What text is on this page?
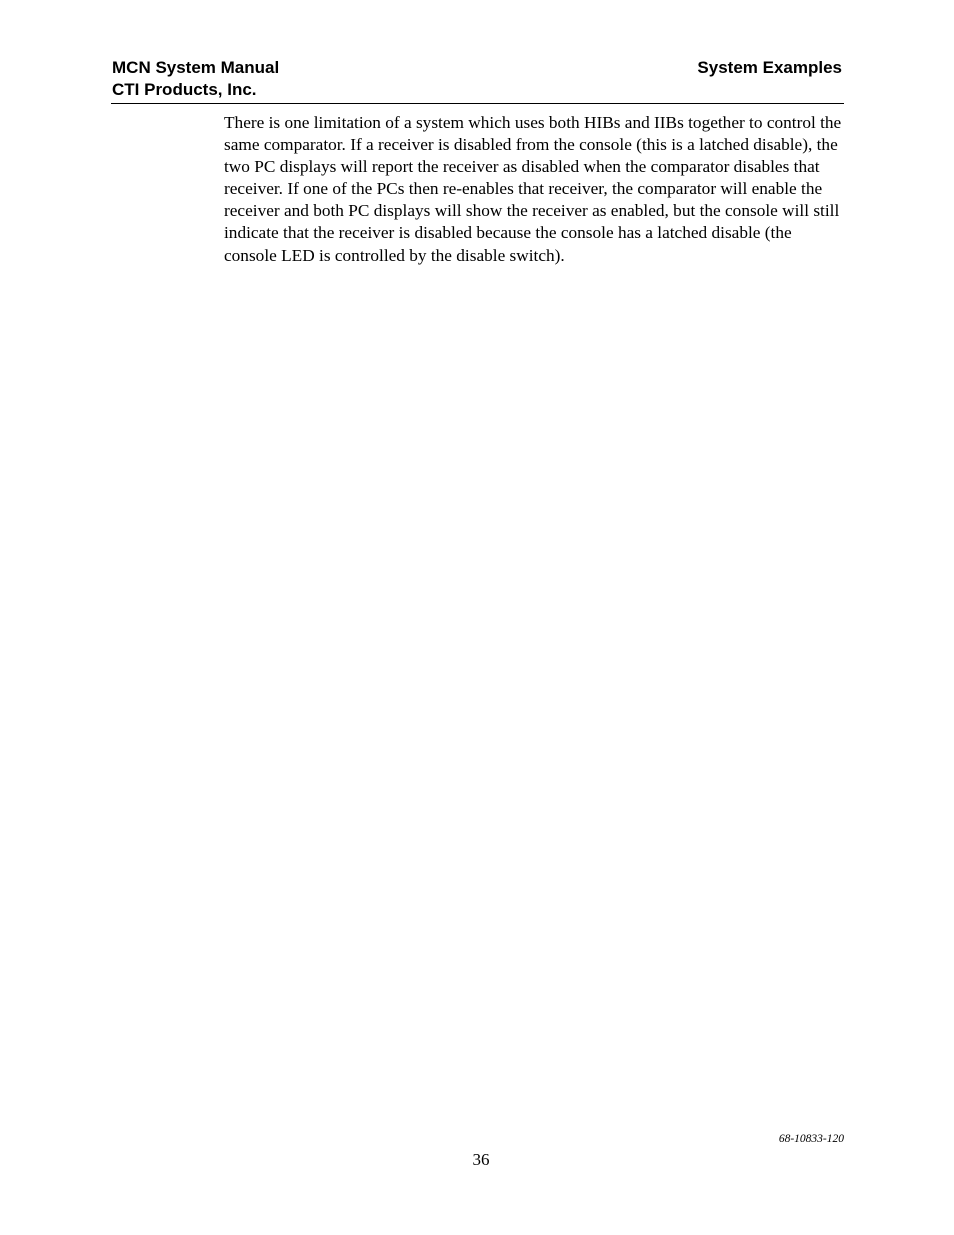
MCN System Manual
CTI Products, Inc.
System Examples

There is one limitation of a system which uses both HIBs and IIBs together to control the same comparator. If a receiver is disabled from the console (this is a latched disable), the two PC displays will report the receiver as disabled when the comparator disables that receiver. If one of the PCs then re-enables that receiver, the comparator will enable the receiver and both PC displays will show the receiver as enabled, but the console will still indicate that the receiver is disabled because the console has a latched disable (the console LED is controlled by the disable switch).

68-10833-120
36
